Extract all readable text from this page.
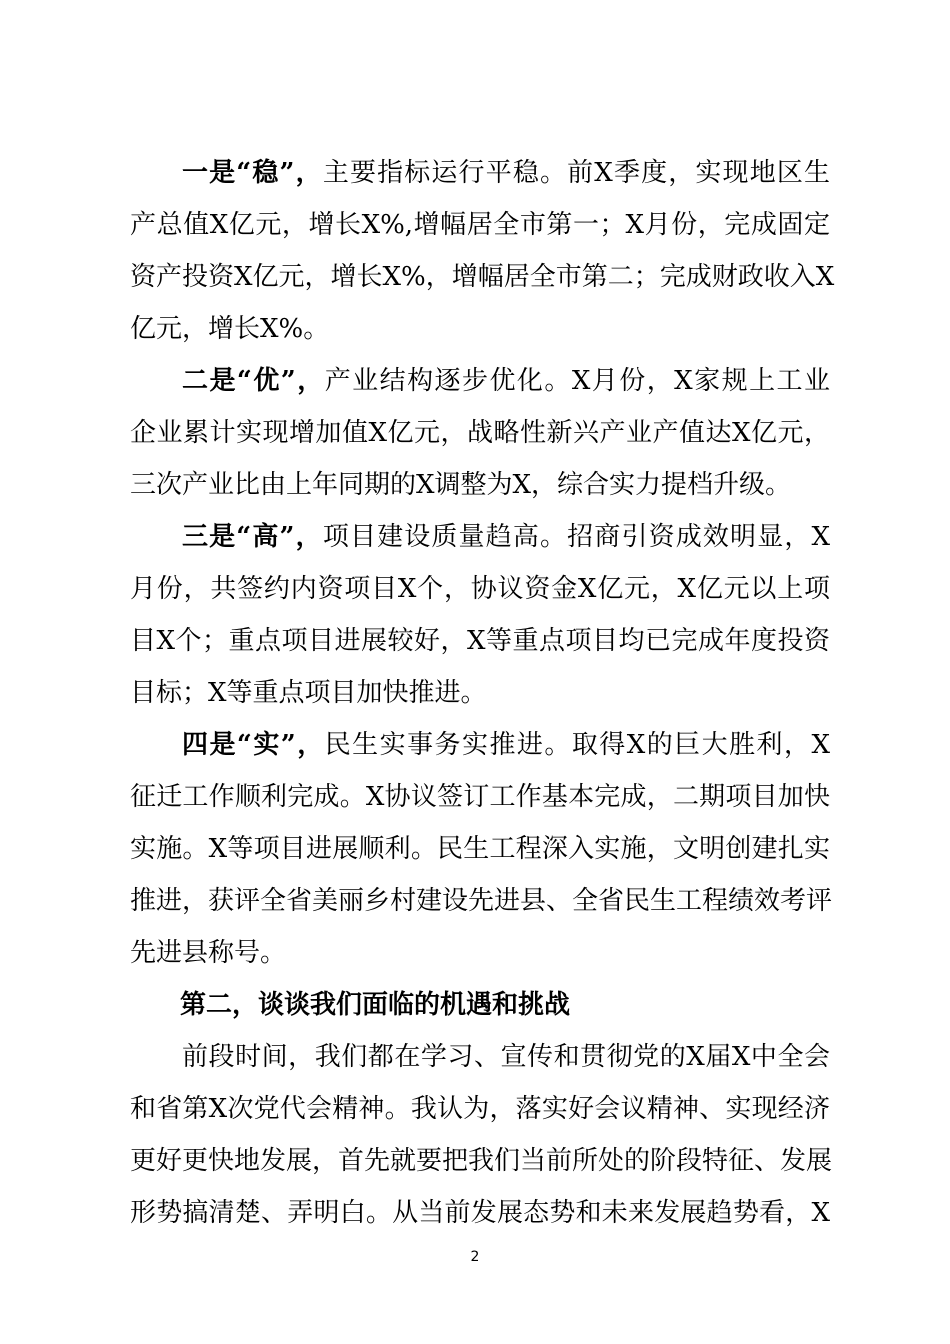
一是“稳”，主要指标运行平稳。前X季度，实现地区生
产总值X亿元，增长X%,增幅居全市第一；X月份，完成固定
资产投资X亿元，增长X%，增幅居全市第二；完成财政收入X
亿元，增长X%。
二是“优”，产业结构逐步优化。X月份，X家规上工业
企业累计实现增加值X亿元，战略性新兴产业产值达X亿元，
三次产业比由上年同期的X调整为X，综合实力提档升级。
三是“高”，项目建设质量趋高。招商引资成效明显，X
月份，共签约内资项目X个，协议资金X亿元，X亿元以上项
目X个；重点项目进展较好，X等重点项目均已完成年度投资
目标；X等重点项目加快推进。
四是“实”，民生实事务实推进。取得X的巨大胜利，X
征迁工作顺利完成。X协议签订工作基本完成，二期项目加快
实施。X等项目进展顺利。民生工程深入实施，文明创建扎实
推进，获评全省美丽乡村建设先进县、全省民生工程绩效考评
先进县称号。
第二，谈谈我们面临的机遇和挑战
前段时间，我们都在学习、宣传和贯彻党的X届X中全会
和省第X次党代会精神。我认为，落实好会议精神、实现经济
更好更快地发展，首先就要把我们当前所处的阶段特征、发展
形势搞清楚、弄明白。从当前发展态势和未来发展趋势看，X
2
